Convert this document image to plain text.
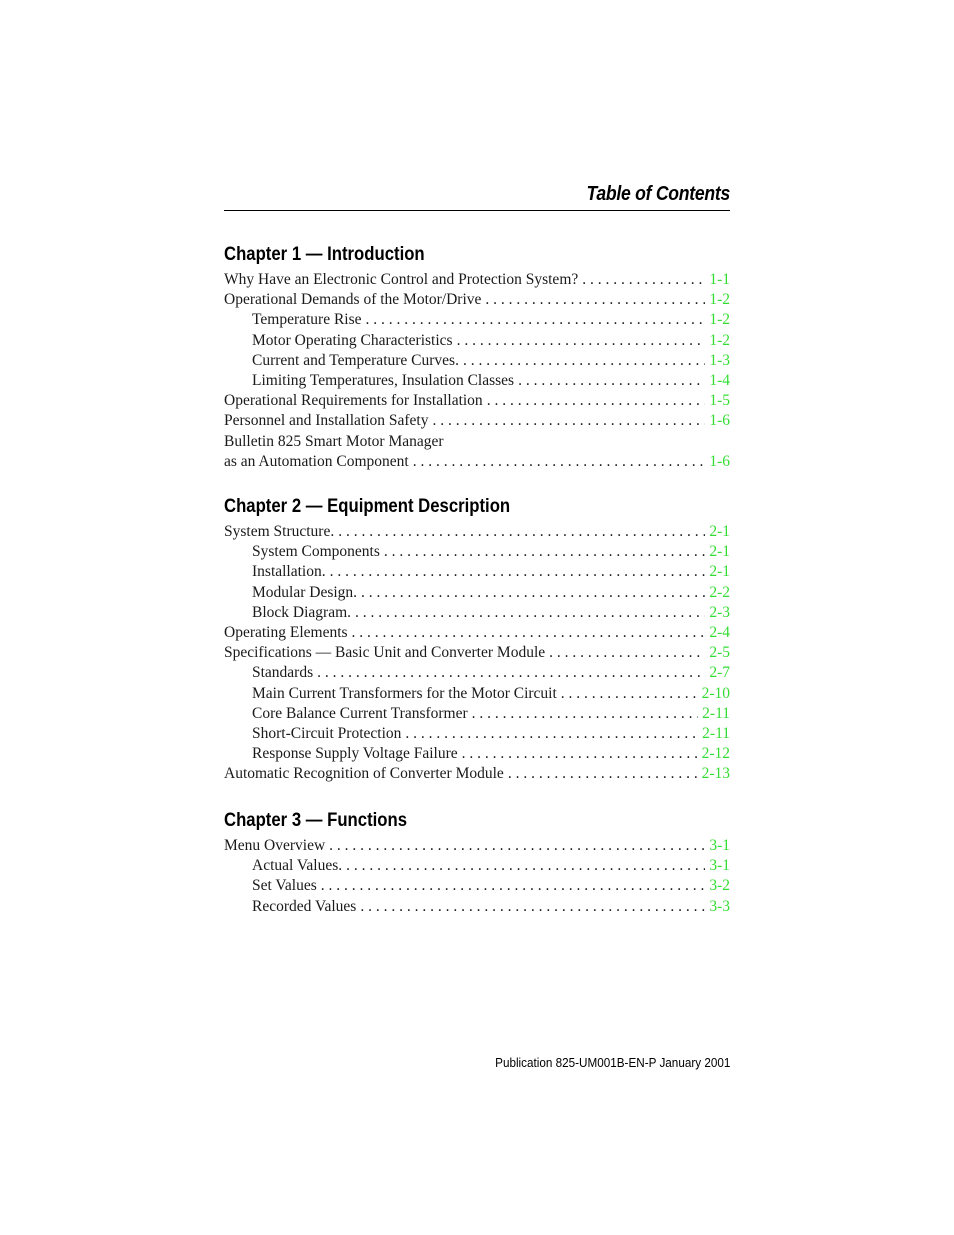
Table of Contents
Chapter 1 — Introduction
Why Have an Electronic Control and Protection System? . . .	1-1
Operational Demands of the Motor/Drive . . .	1-2
Temperature Rise . . .	1-2
Motor Operating Characteristics . . .	1-2
Current and Temperature Curves. . . .	1-3
Limiting Temperatures, Insulation Classes . . .	1-4
Operational Requirements for Installation . . .	1-5
Personnel and Installation Safety . . .	1-6
Bulletin 825 Smart Motor Manager
as an Automation Component . . .	1-6
Chapter 2 — Equipment Description
System Structure. . . .	2-1
System Components . . .	2-1
Installation. . . .	2-1
Modular Design. . . .	2-2
Block Diagram. . . .	2-3
Operating Elements . . .	2-4
Specifications — Basic Unit and Converter Module . . .	2-5
Standards . . .	2-7
Main Current Transformers for the Motor Circuit . . .	2-10
Core Balance Current Transformer . . .	2-11
Short-Circuit Protection . . .	2-11
Response Supply Voltage Failure . . .	2-12
Automatic Recognition of Converter Module . . .	2-13
Chapter 3 — Functions
Menu Overview . . .	3-1
Actual Values. . . .	3-1
Set Values . . .	3-2
Recorded Values . . .	3-3
Publication 825-UM001B-EN-P January 2001
